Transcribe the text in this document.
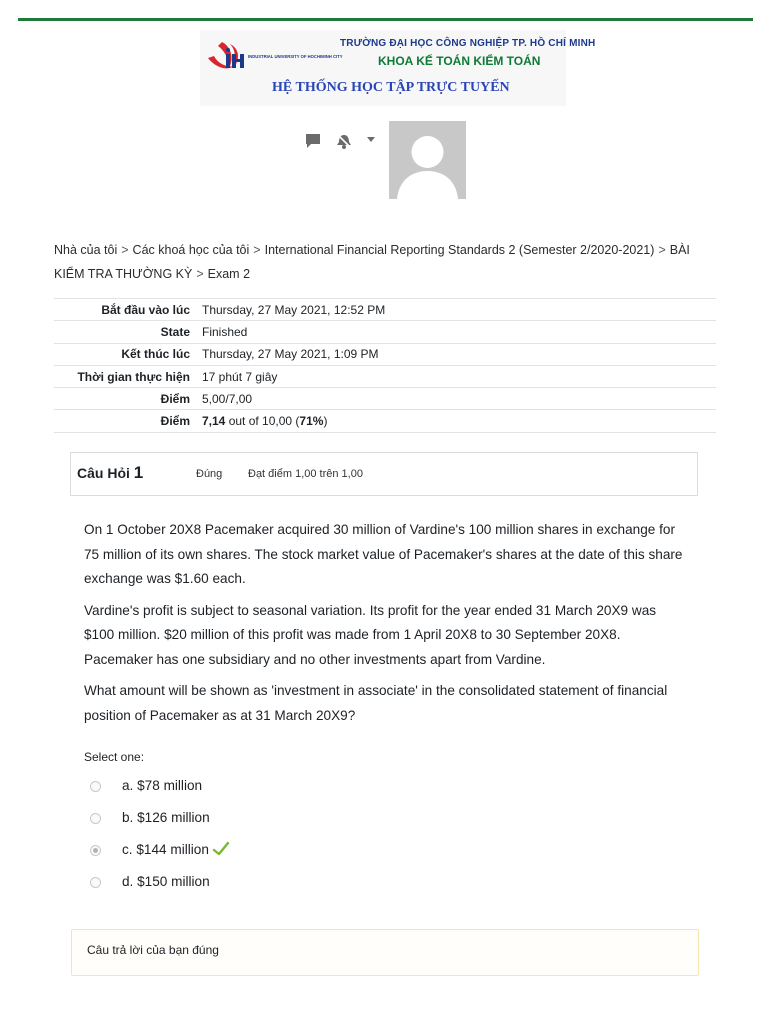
INDUSTRIAL UNIVERSITY OF HOCHIMINH CITY
TRƯỜNG ĐẠI HỌC CÔNG NGHIỆP TP. HỒ CHÍ MINH
KHOA KẾ TOÁN KIỂM TOÁN
HỆ THỐNG HỌC TẬP TRỰC TUYẾN
Nhà của tôi > Các khoá học của tôi > International Financial Reporting Standards 2 (Semester 2/2020-2021) > BÀI KIỂM TRA THƯỜNG KỲ > Exam 2
Bắt đầu vào lúc	Thursday, 27 May 2021, 12:52 PM
State	Finished
Kết thúc lúc	Thursday, 27 May 2021, 1:09 PM
Thời gian thực hiện	17 phút 7 giây
Điểm	5,00/7,00
Điểm	7,14 out of 10,00 (71%)
Câu Hỏi 1	Đúng Đạt điểm 1,00 trên 1,00

On 1 October 20X8 Pacemaker acquired 30 million of Vardine's 100 million shares in exchange for 75 million of its own shares. The stock market value of Pacemaker's shares at the date of this share exchange was $1.60 each.

Vardine's profit is subject to seasonal variation. Its profit for the year ended 31 March 20X9 was $100 million. $20 million of this profit was made from 1 April 20X8 to 30 September 20X8. Pacemaker has one subsidiary and no other investments apart from Vardine.

What amount will be shown as 'investment in associate' in the consolidated statement of financial position of Pacemaker as at 31 March 20X9?

Select one:
a. $78 million
b. $126 million
c. $144 million
d. $150 million
Câu trả lời của bạn đúng
